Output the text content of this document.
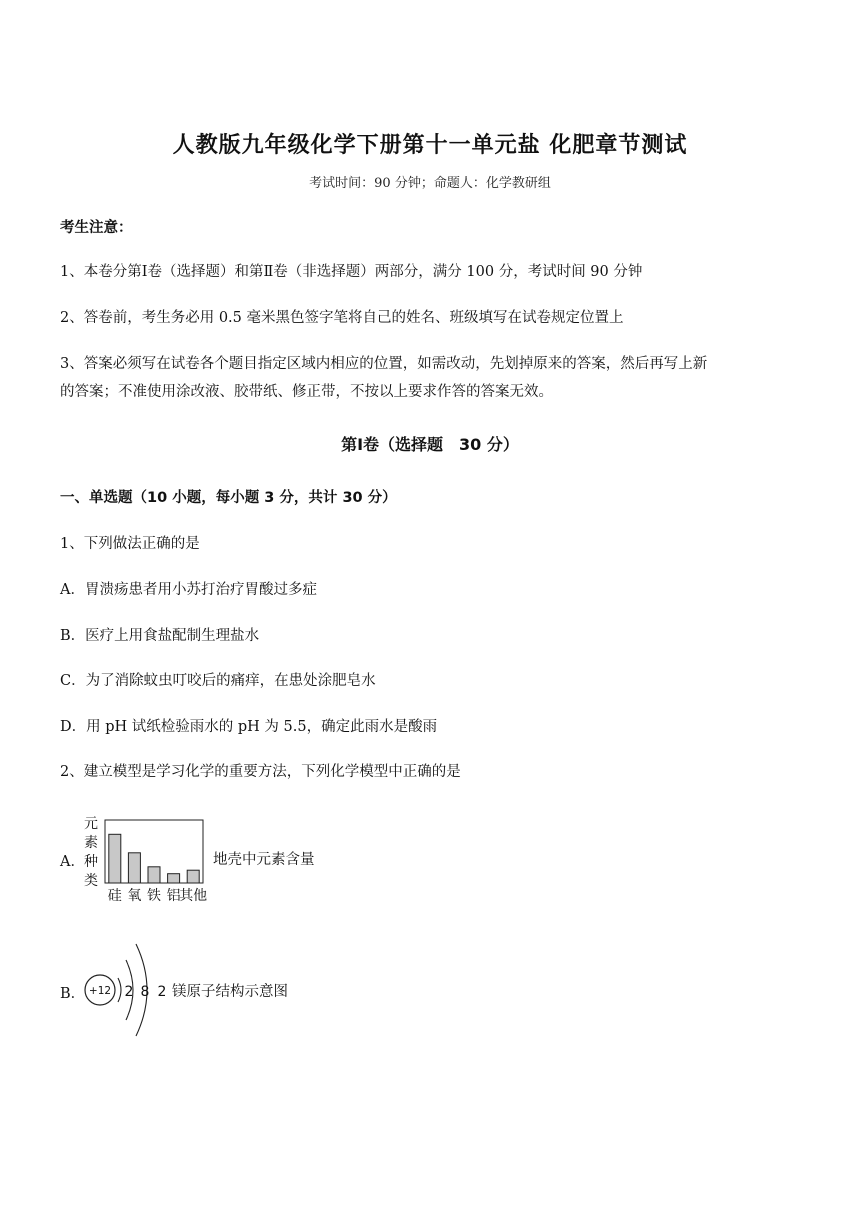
人教版九年级化学下册第十一单元盐 化肥章节测试
考试时间：90 分钟；命题人：化学教研组
考生注意：
1、本卷分第Ⅰ卷（选择题）和第Ⅱ卷（非选择题）两部分，满分 100 分，考试时间 90 分钟
2、答卷前，考生务必用 0.5 毫米黑色签字笔将自己的姓名、班级填写在试卷规定位置上
3、答案必须写在试卷各个题目指定区域内相应的位置，如需改动，先划掉原来的答案，然后再写上新
的答案；不准使用涂改液、胶带纸、修正带，不按以上要求作答的答案无效。
第Ⅰ卷（选择题　30 分）
一、单选题（10 小题，每小题 3 分，共计 30 分）
1、下列做法正确的是
A．胃溃疡患者用小苏打治疗胃酸过多症
B．医疗上用食盐配制生理盐水
C．为了消除蚊虫叮咬后的痛痒，在患处涂肥皂水
D．用 pH 试纸检验雨水的 pH 为 5.5，确定此雨水是酸雨
2、建立模型是学习化学的重要方法，下列化学模型中正确的是
A．
元素种类
硅 氧 铁 铝
其他
地壳中元素含量
B． +12 2 8 2 镁原子结构示意图
